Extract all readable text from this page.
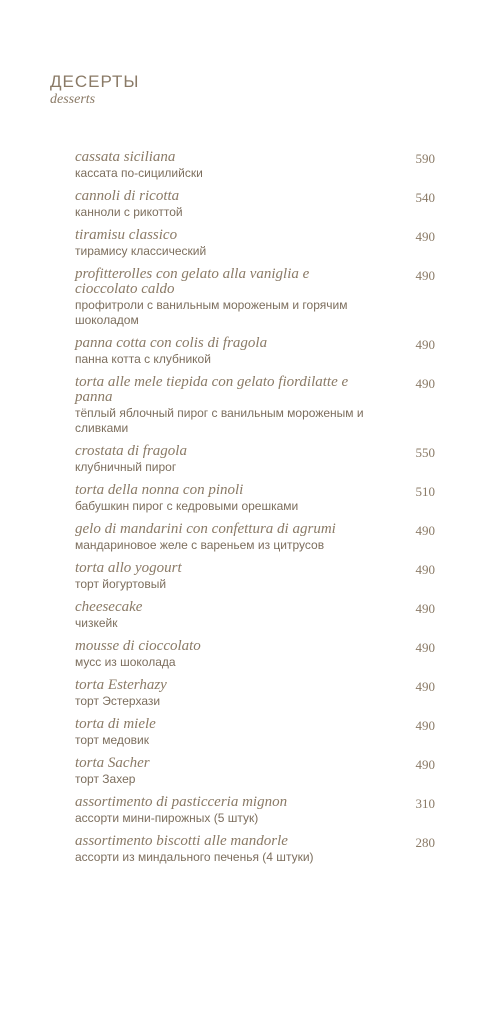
ДЕСЕРТЫ
desserts
cassata siciliana
кассата по-сицилийски
590
cannoli di ricotta
канноли с рикоттой
540
tiramisu classico
тирамису классический
490
profitterolles con gelato alla vaniglia e cioccolato caldo
профитроли с ванильным мороженым и горячим шоколадом
490
panna cotta con colis di fragola
панна котта с клубникой
490
torta alle mele tiepida con gelato fiordilatte e panna
тёплый яблочный пирог с ванильным мороженым и сливками
490
crostata di fragola
клубничный пирог
550
torta della nonna con pinoli
бабушкин пирог с кедровыми орешками
510
gelo di mandarini con confettura di agrumi
мандариновое желе с вареньем из цитрусов
490
torta allo yogourt
торт йогуртовый
490
cheesecake
чизкейк
490
mousse di cioccolato
мусс из шоколада
490
torta Esterhazy
торт Эстерхази
490
torta di miele
торт медовик
490
torta Sacher
торт Захер
490
assortimento di pasticceria mignon
ассорти мини-пирожных (5 штук)
310
assortimento biscotti alle mandorle
ассорти из миндального печенья (4 штуки)
280
